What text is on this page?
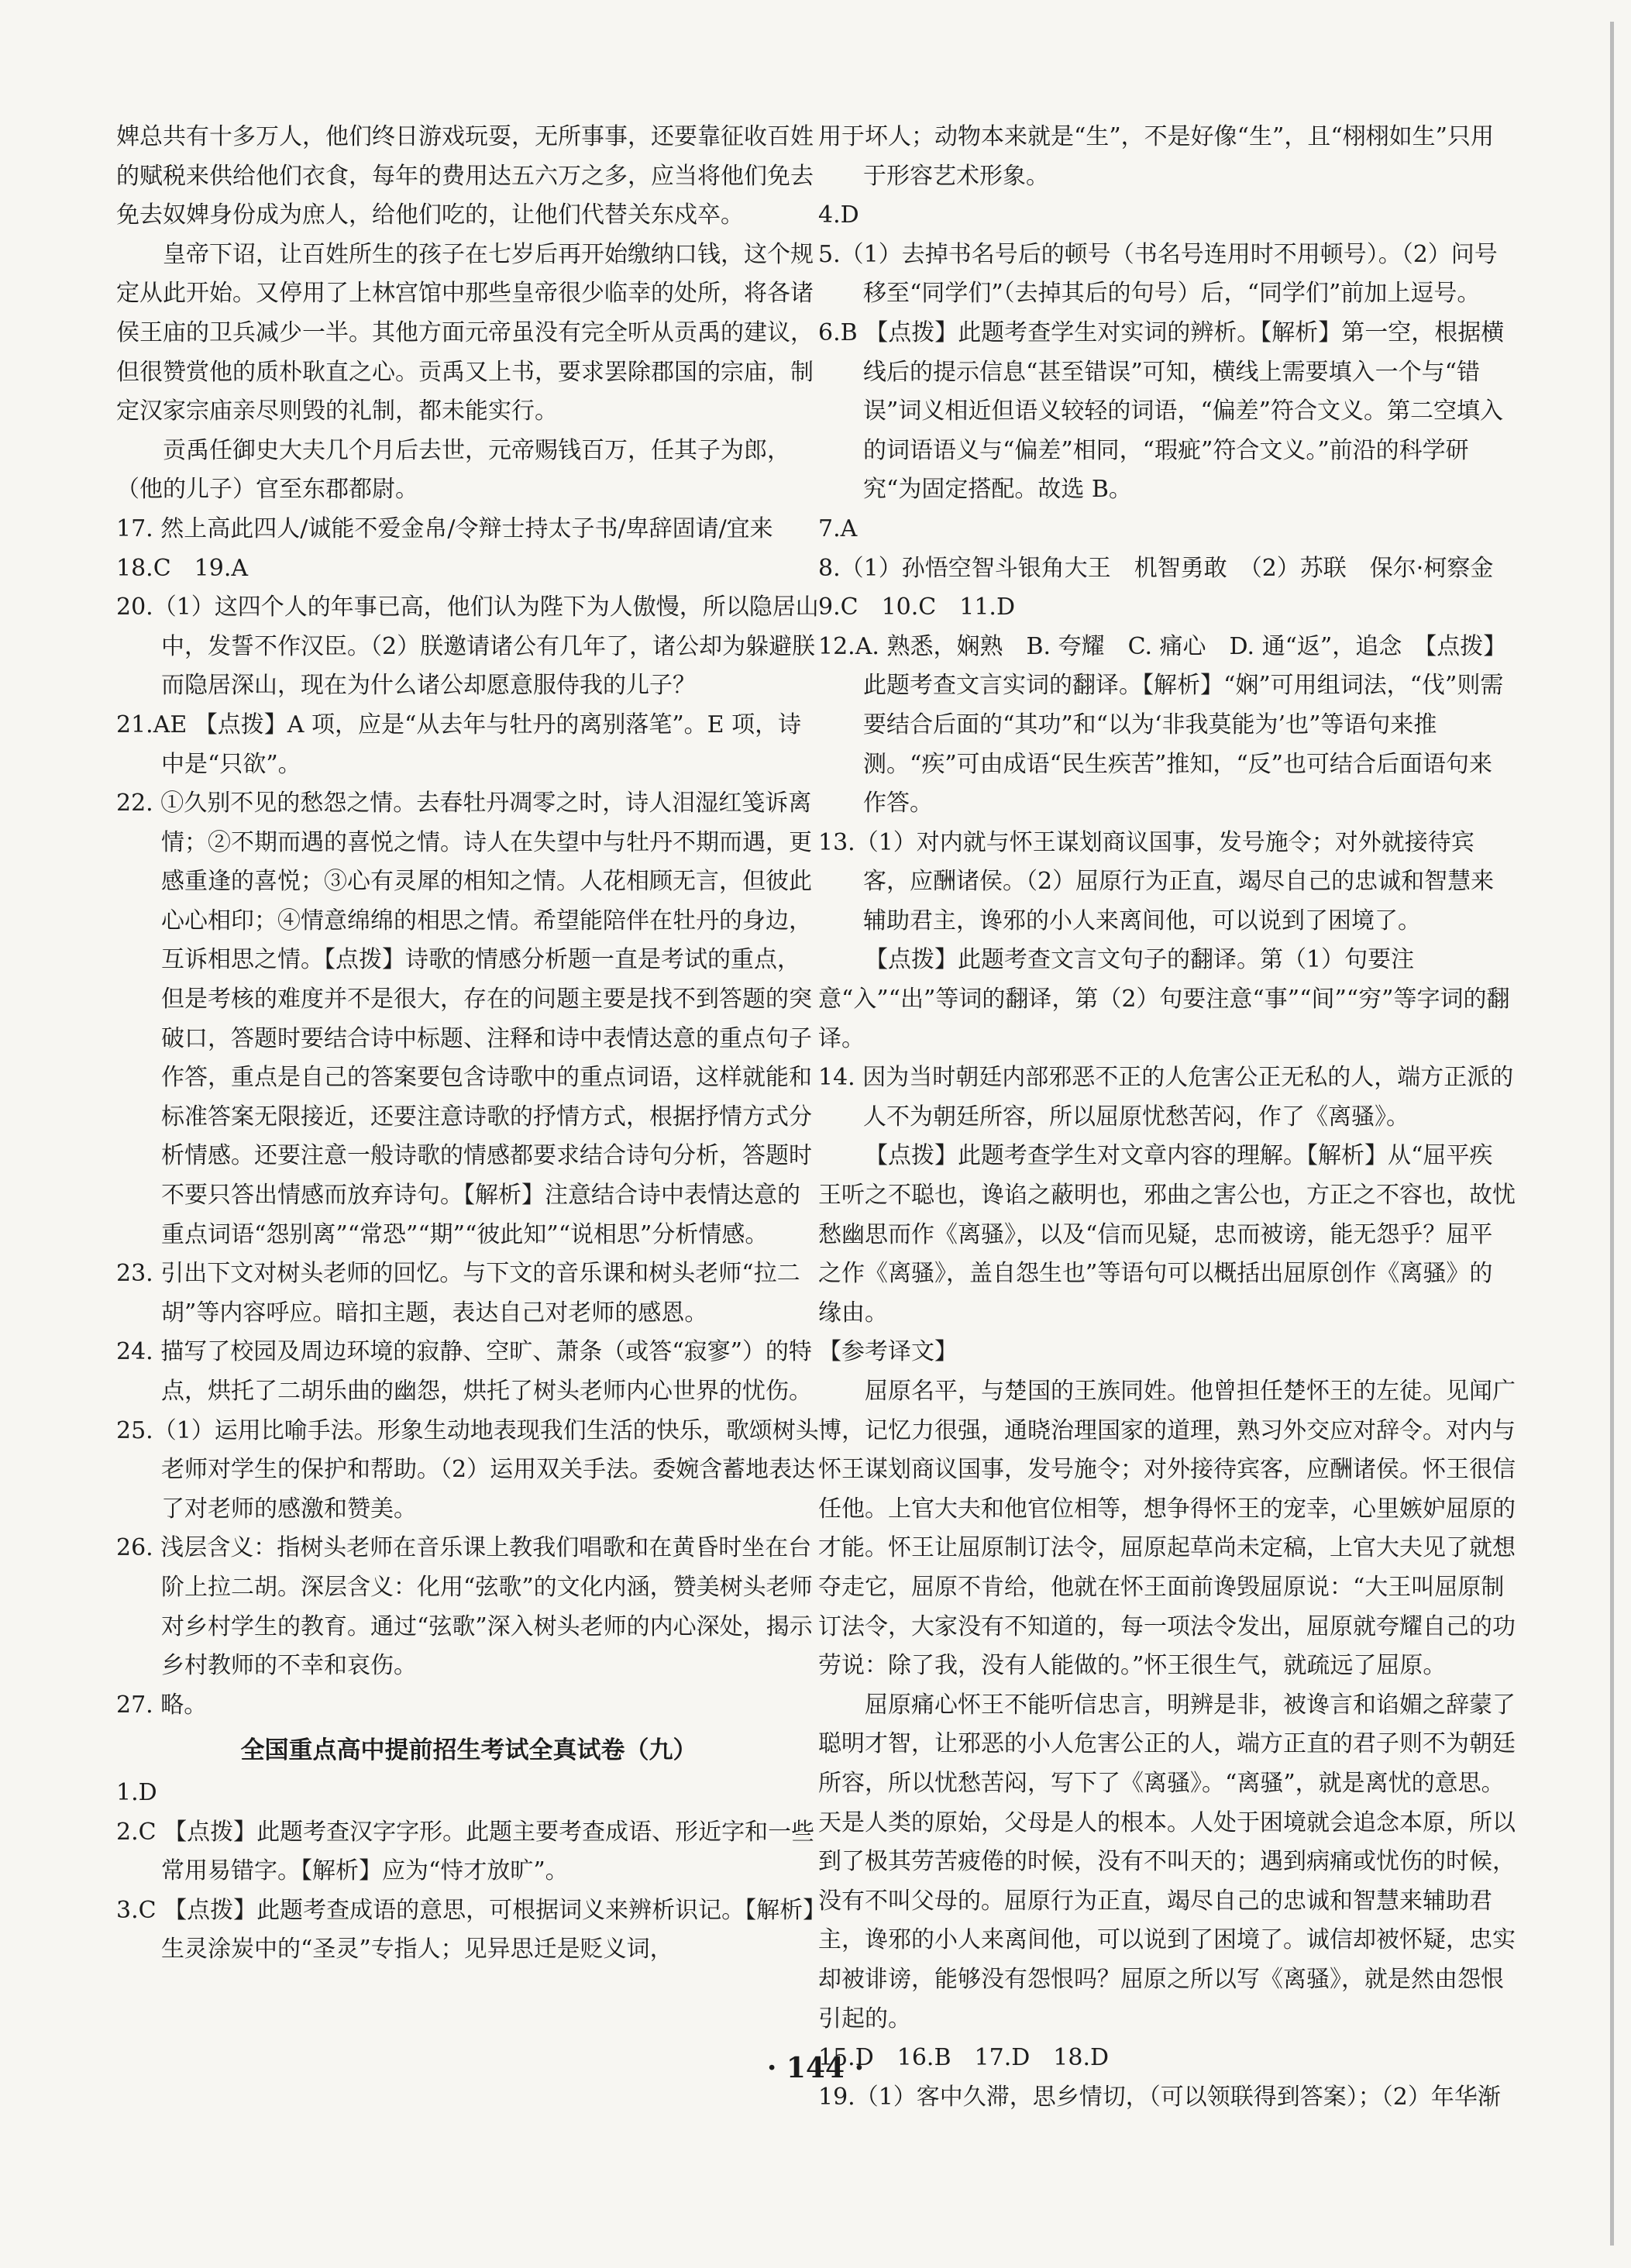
婢总共有十多万人，他们终日游戏玩耍，无所事事，还要靠征收百姓的赋税来供给他们衣食，每年的费用达五六万之多，应当将他们免去免去奴婢身份成为庶人，给他们吃的，让他们代替关东戍卒。

皇帝下诏，让百姓所生的孩子在七岁后再开始缴纳口钱，这个规定从此开始。又停用了上林宫馆中那些皇帝很少临幸的处所，将各诸侯王庙的卫兵减少一半。其他方面元帝虽没有完全听从贡禹的建议，但很赞赏他的质朴耿直之心。贡禹又上书，要求罢除郡国的宗庙，制定汉家宗庙亲尽则毁的礼制，都未能实行。

贡禹任御史大夫几个月后去世，元帝赐钱百万，任其子为郎，（他的儿子）官至东郡都尉。

17. 然上高此四人/诚能不爱金帛/令辩士持太子书/卑辞固请/宜来

18.C　19.A

20.（1）这四个人的年事已高，他们认为陛下为人傲慢，所以隐居山中，发誓不作汉臣。（2）朕邀请诸公有几年了，诸公却为躲避朕而隐居深山，现在为什么诸公却愿意服侍我的儿子？

21.AE 【点拨】A 项，应是“从去年与牡丹的离别落笔”。E 项，诗中是“只欲”。

22. ①久别不见的愁怨之情。去春牡丹凋零之时，诗人泪湿红笺诉离情；②不期而遇的喜悦之情。诗人在失望中与牡丹不期而遇，更感重逢的喜悦；③心有灵犀的相知之情。人花相顾无言，但彼此心心相印；④情意绵绵的相思之情。希望能陪伴在牡丹的身边，互诉相思之情。【点拨】诗歌的情感分析题一直是考试的重点，但是考核的难度并不是很大，存在的问题主要是找不到答题的突破口，答题时要结合诗中标题、注释和诗中表情达意的重点句子作答，重点是自己的答案要包含诗歌中的重点词语，这样就能和标准答案无限接近，还要注意诗歌的抒情方式，根据抒情方式分析情感。还要注意一般诗歌的情感都要求结合诗句分析，答题时不要只答出情感而放弃诗句。【解析】注意结合诗中表情达意的重点词语“怨别离”“常恐”“期”“彼此知”“说相思”分析情感。

23. 引出下文对树头老师的回忆。与下文的音乐课和树头老师“拉二胡”等内容呼应。暗扣主题，表达自己对老师的感恩。

24. 描写了校园及周边环境的寂静、空旷、萧条（或答“寂寥”）的特点，烘托了二胡乐曲的幽怨，烘托了树头老师内心世界的忧伤。

25.（1）运用比喻手法。形象生动地表现我们生活的快乐，歌颂树头老师对学生的保护和帮助。（2）运用双关手法。委婉含蓄地表达了对老师的感激和赞美。

26. 浅层含义：指树头老师在音乐课上教我们唱歌和在黄昏时坐在台阶上拉二胡。深层含义：化用“弦歌”的文化内涵，赞美树头老师对乡村学生的教育。通过“弦歌”深入树头老师的内心深处，揭示乡村教师的不幸和哀伤。

27. 略。

全国重点高中提前招生考试全真试卷（九）

1.D

2.C 【点拨】此题考查汉字字形。此题主要考查成语、形近字和一些常用易错字。【解析】应为“恃才放旷”。

3.C 【点拨】此题考查成语的意思，可根据词义来辨析识记。【解析】生灵涂炭中的“圣灵”专指人；见异思迁是贬义词，

用于坏人；动物本来就是“生”，不是好像“生”，且“栩栩如生”只用于形容艺术形象。

4.D

5.（1）去掉书名号后的顿号（书名号连用时不用顿号）。（2）问号移至“同学们”（去掉其后的句号）后，“同学们”前加上逗号。

6.B 【点拨】此题考查学生对实词的辨析。【解析】第一空，根据横线后的提示信息“甚至错误”可知，横线上需要填入一个与“错误”词义相近但语义较轻的词语，“偏差”符合文义。第二空填入的词语语义与“偏差”相同，“瑕疵”符合文义。”前沿的科学研究“为固定搭配。故选 B。

7.A

8.（1）孙悟空智斗银角大王　机智勇敢　（2）苏联　保尔·柯察金

9.C　10.C　11.D

12.A. 熟悉，娴熟　B. 夸耀　C. 痛心　D. 通“返”，追念　【点拨】此题考查文言实词的翻译。【解析】“娴”可用组词法，“伐”则需要结合后面的“其功”和“以为‘非我莫能为’也”等语句来推测。“疾”可由成语“民生疾苦”推知，“反”也可结合后面语句来作答。

13.（1）对内就与怀王谋划商议国事，发号施令；对外就接待宾客，应酬诸侯。（2）屈原行为正直，竭尽自己的忠诚和智慧来辅助君主，谗邪的小人来离间他，可以说到了困境了。

【点拨】此题考查文言文句子的翻译。第（1）句要注意“入”“出”等词的翻译，第（2）句要注意“事”“间”“穷”等字词的翻译。

14. 因为当时朝廷内部邪恶不正的人危害公正无私的人，端方正派的人不为朝廷所容，所以屈原忧愁苦闷，作了《离骚》。

【点拨】此题考查学生对文章内容的理解。【解析】从“屈平疾王听之不聪也，谗谄之蔽明也，邪曲之害公也，方正之不容也，故忧愁幽思而作《离骚》，以及“信而见疑，忠而被谤，能无怨乎？屈平之作《离骚》，盖自怨生也”等语句可以概括出屈原创作《离骚》的缘由。

【参考译文】

屈原名平，与楚国的王族同姓。他曾担任楚怀王的左徒。见闻广博，记忆力很强，通晓治理国家的道理，熟习外交应对辞令。对内与怀王谋划商议国事，发号施令；对外接待宾客，应酬诸侯。怀王很信任他。上官大夫和他官位相等，想争得怀王的宠幸，心里嫉妒屈原的才能。怀王让屈原制订法令，屈原起草尚未定稿，上官大夫见了就想夺走它，屈原不肯给，他就在怀王面前谗毁屈原说：“大王叫屈原制订法令，大家没有不知道的，每一项法令发出，屈原就夸耀自己的功劳说：除了我，没有人能做的。”怀王很生气，就疏远了屈原。

屈原痛心怀王不能听信忠言，明辨是非，被谗言和谄媚之辞蒙了聪明才智，让邪恶的小人危害公正的人，端方正直的君子则不为朝廷所容，所以忧愁苦闷，写下了《离骚》。“离骚”，就是离忧的意思。天是人类的原始，父母是人的根本。人处于困境就会追念本原，所以到了极其劳苦疲倦的时候，没有不叫天的；遇到病痛或忧伤的时候，没有不叫父母的。屈原行为正直，竭尽自己的忠诚和智慧来辅助君主，谗邪的小人来离间他，可以说到了困境了。诚信却被怀疑，忠实却被诽谤，能够没有怨恨吗？屈原之所以写《离骚》，就是然由怨恨引起的。

15.D　16.B　17.D　18.D

19.（1）客中久滞，思乡情切，（可以领联得到答案）；（2）年华渐

· 144 ·
